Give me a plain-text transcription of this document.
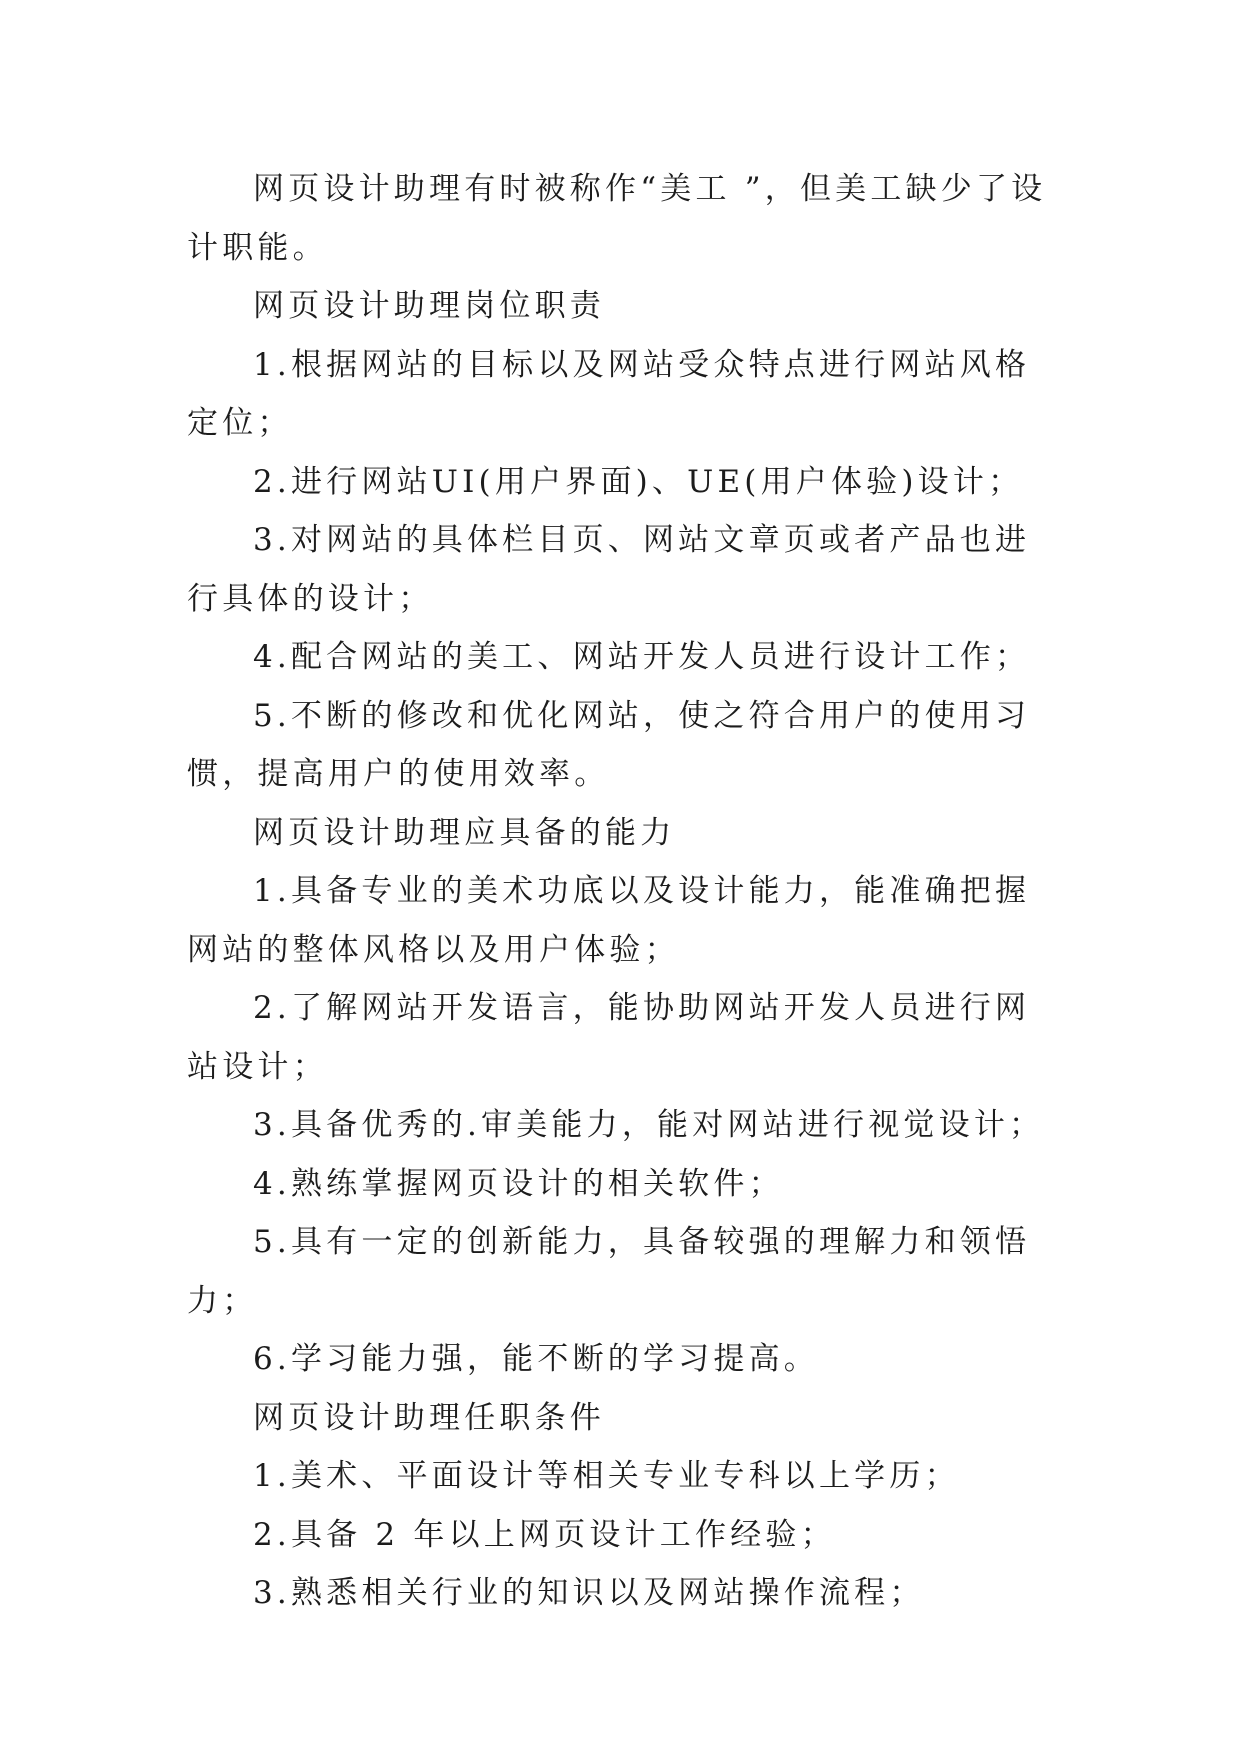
网页设计助理有时被称作“美工 ”，但美工缺少了设计职能。

网页设计助理岗位职责

1.根据网站的目标以及网站受众特点进行网站风格定位；

2.进行网站UI(用户界面)、UE(用户体验)设计；

3.对网站的具体栏目页、网站文章页或者产品也进行具体的设计；

4.配合网站的美工、网站开发人员进行设计工作；

5.不断的修改和优化网站，使之符合用户的使用习惯，提高用户的使用效率。

网页设计助理应具备的能力

1.具备专业的美术功底以及设计能力，能准确把握网站的整体风格以及用户体验；

2.了解网站开发语言，能协助网站开发人员进行网站设计；

3.具备优秀的.审美能力，能对网站进行视觉设计；

4.熟练掌握网页设计的相关软件；

5.具有一定的创新能力，具备较强的理解力和领悟力；

6.学习能力强，能不断的学习提高。

网页设计助理任职条件

1.美术、平面设计等相关专业专科以上学历；

2.具备 2 年以上网页设计工作经验；

3.熟悉相关行业的知识以及网站操作流程；
